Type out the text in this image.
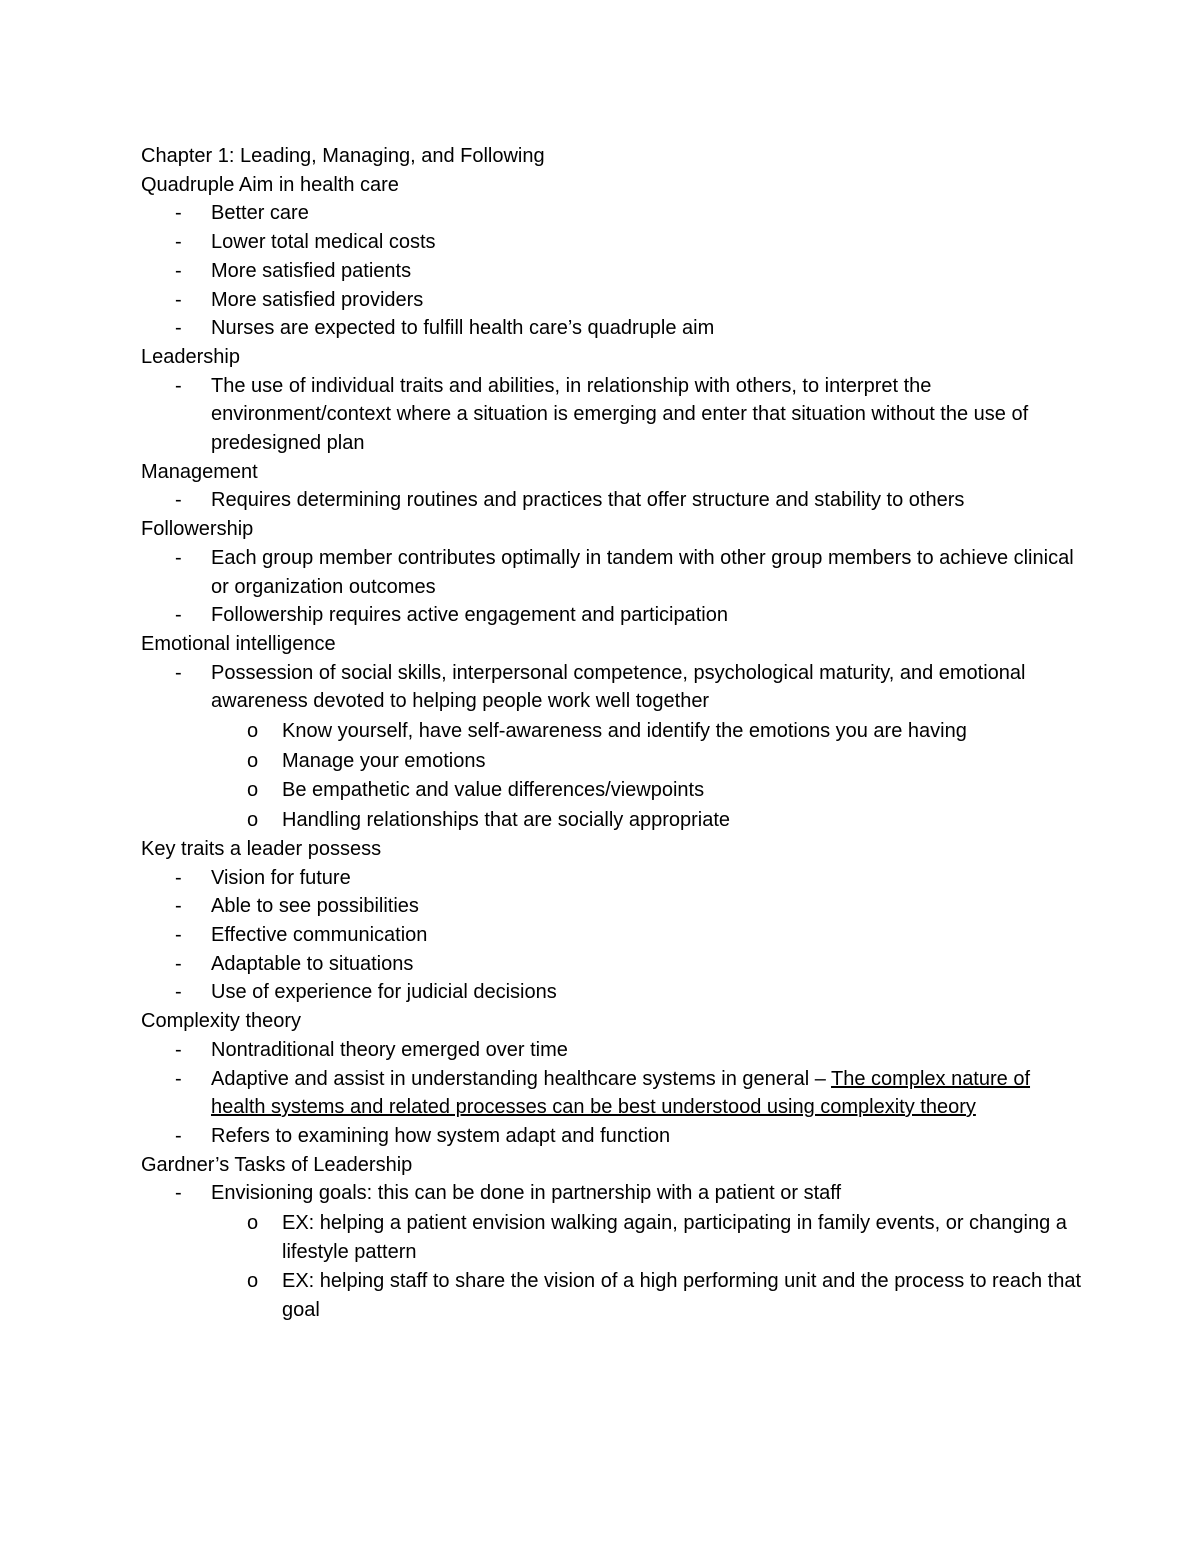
Chapter 1: Leading, Managing, and Following
Quadruple Aim in health care
- Better care
- Lower total medical costs
- More satisfied patients
- More satisfied providers
- Nurses are expected to fulfill health care’s quadruple aim
Leadership
- The use of individual traits and abilities, in relationship with others, to interpret the environment/context where a situation is emerging and enter that situation without the use of predesigned plan
Management
- Requires determining routines and practices that offer structure and stability to others
Followership
- Each group member contributes optimally in tandem with other group members to achieve clinical or organization outcomes
- Followership requires active engagement and participation
Emotional intelligence
- Possession of social skills, interpersonal competence, psychological maturity, and emotional awareness devoted to helping people work well together
o Know yourself, have self-awareness and identify the emotions you are having
o Manage your emotions
o Be empathetic and value differences/viewpoints
o Handling relationships that are socially appropriate
Key traits a leader possess
- Vision for future
- Able to see possibilities
- Effective communication
- Adaptable to situations
- Use of experience for judicial decisions
Complexity theory
- Nontraditional theory emerged over time
- Adaptive and assist in understanding healthcare systems in general – The complex nature of health systems and related processes can be best understood using complexity theory
- Refers to examining how system adapt and function
Gardner’s Tasks of Leadership
- Envisioning goals: this can be done in partnership with a patient or staff
o EX: helping a patient envision walking again, participating in family events, or changing a lifestyle pattern
o EX: helping staff to share the vision of a high performing unit and the process to reach that goal
